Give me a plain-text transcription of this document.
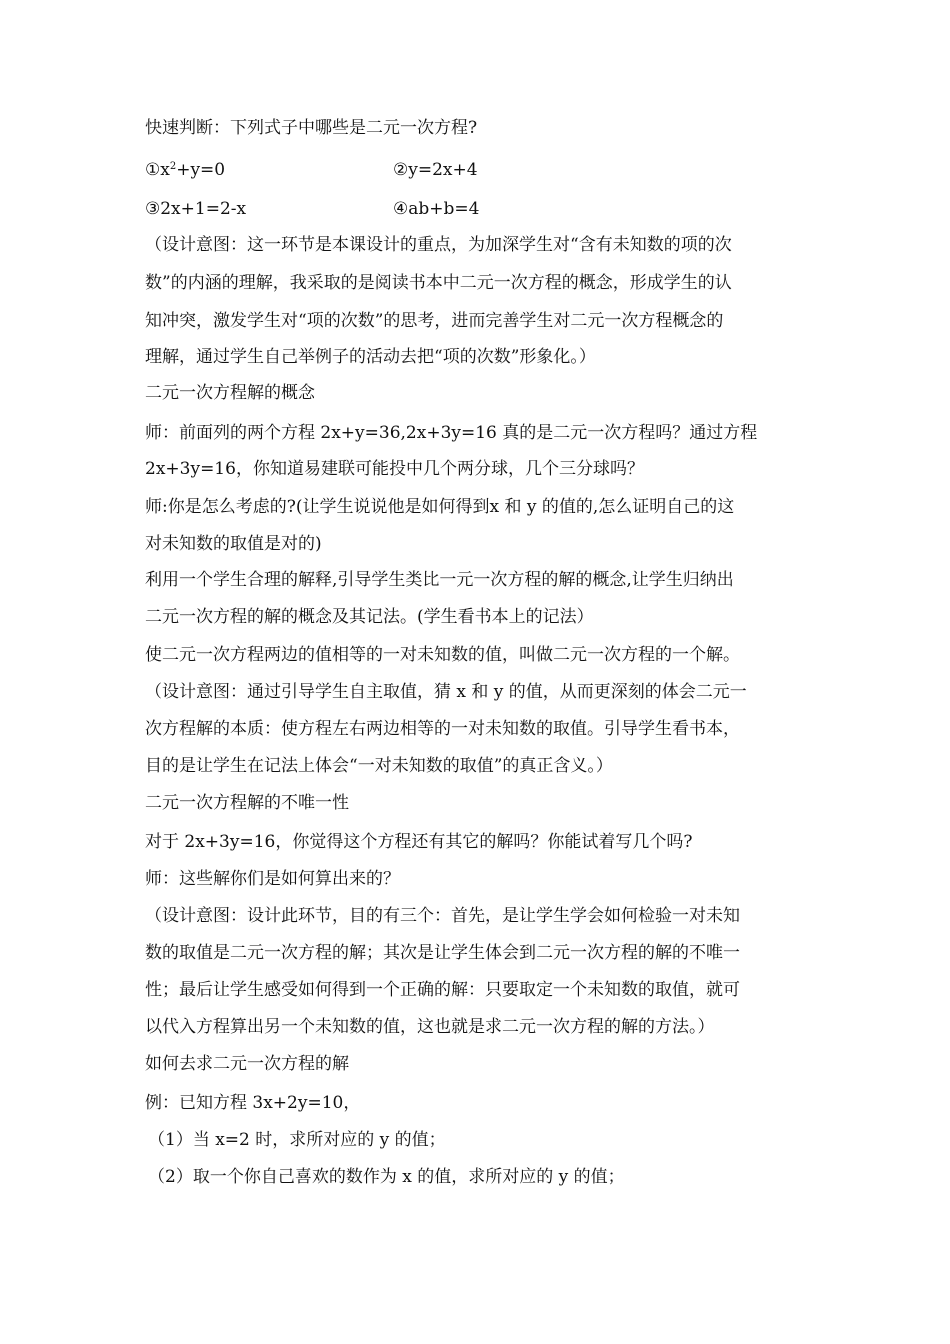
快速判断：下列式子中哪些是二元一次方程?
$①x^2+y=0$	②y=2x+4
③2x+1=2-x	④ab+b=4
（设计意图：这一环节是本课设计的重点，为加深学生对“含有未知数的项的次
数”的内涵的理解，我采取的是阅读书本中二元一次方程的概念，形成学生的认
知冲突，激发学生对“项的次数”的思考，进而完善学生对二元一次方程概念的
理解，通过学生自己举例子的活动去把“项的次数”形象化。）
二元一次方程解的概念
师：前面列的两个方程 2x+y=36,2x+3y=16 真的是二元一次方程吗？通过方程
2x+3y=16，你知道易建联可能投中几个两分球，几个三分球吗？
师:你是怎么考虑的?(让学生说说他是如何得到x 和 y 的值的,怎么证明自己的这
对未知数的取值是对的)
利用一个学生合理的解释,引导学生类比一元一次方程的解的概念,让学生归纳出
二元一次方程的解的概念及其记法。(学生看书本上的记法）
使二元一次方程两边的值相等的一对未知数的值，叫做二元一次方程的一个解。
（设计意图：通过引导学生自主取值，猜 x 和 y 的值，从而更深刻的体会二元一
次方程解的本质：使方程左右两边相等的一对未知数的取值。引导学生看书本，
目的是让学生在记法上体会“一对未知数的取值”的真正含义。）
二元一次方程解的不唯一性
对于 2x+3y=16，你觉得这个方程还有其它的解吗？你能试着写几个吗?
师：这些解你们是如何算出来的？
（设计意图：设计此环节，目的有三个：首先，是让学生学会如何检验一对未知
数的取值是二元一次方程的解；其次是让学生体会到二元一次方程的解的不唯一
性；最后让学生感受如何得到一个正确的解：只要取定一个未知数的取值，就可
以代入方程算出另一个未知数的值，这也就是求二元一次方程的解的方法。）
如何去求二元一次方程的解
例：已知方程 3x+2y=10，
（1）当 x=2 时，求所对应的 y 的值；
（2）取一个你自己喜欢的数作为 x 的值，求所对应的 y 的值；
